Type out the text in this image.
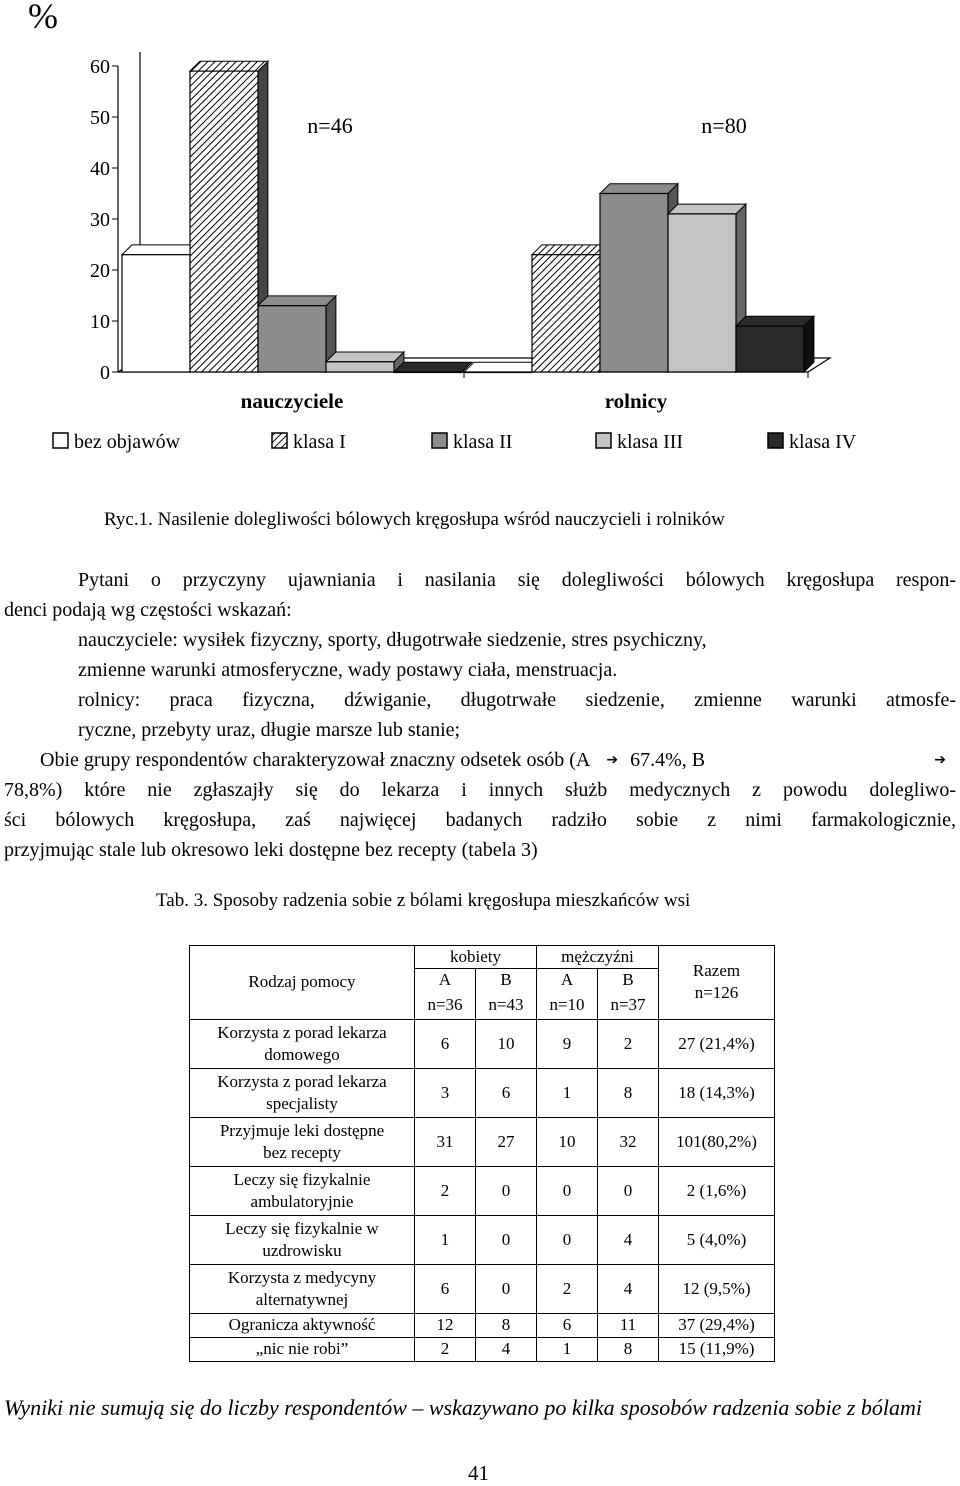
0
10
20
30
40
50
60
%
n=46	n=80
nauczyciele	rolnicy
bez objawów	klasa I	klasa II	klasa III	klasa IV
Ryc.1. Nasilenie dolegliwości bólowych kręgosłupa wśród nauczycieli i rolników
Pytani o przyczyny ujawniania i nasilania się dolegliwości bólowych kręgosłupa respon-
denci podają wg częstości wskazań:
nauczyciele: wysiłek fizyczny, sporty, długotrwałe siedzenie, stres psychiczny,
zmienne warunki atmosferyczne, wady postawy ciała, menstruacja.
rolnicy: praca fizyczna, dźwiganie, długotrwałe siedzenie, zmienne warunki atmosfe-
ryczne, przebyty uraz, długie marsze lub stanie;
Obie grupy respondentów charakteryzował znaczny odsetek osób (A	➔ 67.4%, B	➔
78,8%) które nie zgłaszajły się do lekarza i innych służb medycznych z powodu dolegliwo-
ści bólowych kręgosłupa, zaś najwięcej badanych radziło sobie z nimi farmakologicznie,
przyjmując stale lub okresowo leki dostępne bez recepty (tabela 3)
Tab. 3. Sposoby radzenia sobie z bólami kręgosłupa mieszkańców wsi
Rodzaj pomocy	kobiety		mężczyźni		Razem
n=126

	A	B	A	B	
	n=36	n=43	n=10	n=37	

Korzysta z porad lekarza
domowego	6	10	9	2	27 (21,4%)

Korzysta z porad lekarza
specjalisty	3	6	1	8	18 (14,3%)

Przyjmuje leki dostępne
bez recepty	31	27	10	32	101(80,2%)

Leczy się fizykalnie
ambulatoryjnie	2	0	0	0	2 (1,6%)

Leczy się fizykalnie w
uzdrowisku	1	0	0	4	5 (4,0%)

Korzysta z medycyny
alternatywnej	6	0	2	4	12 (9,5%)
Ogranicza aktywność	12	8	6	11	37 (29,4%)
„nic nie robi”	2	4	1	8	15 (11,9%)
Wyniki nie sumują się do liczby respondentów – wskazywano po kilka sposobów radzenia sobie z bólami
41
